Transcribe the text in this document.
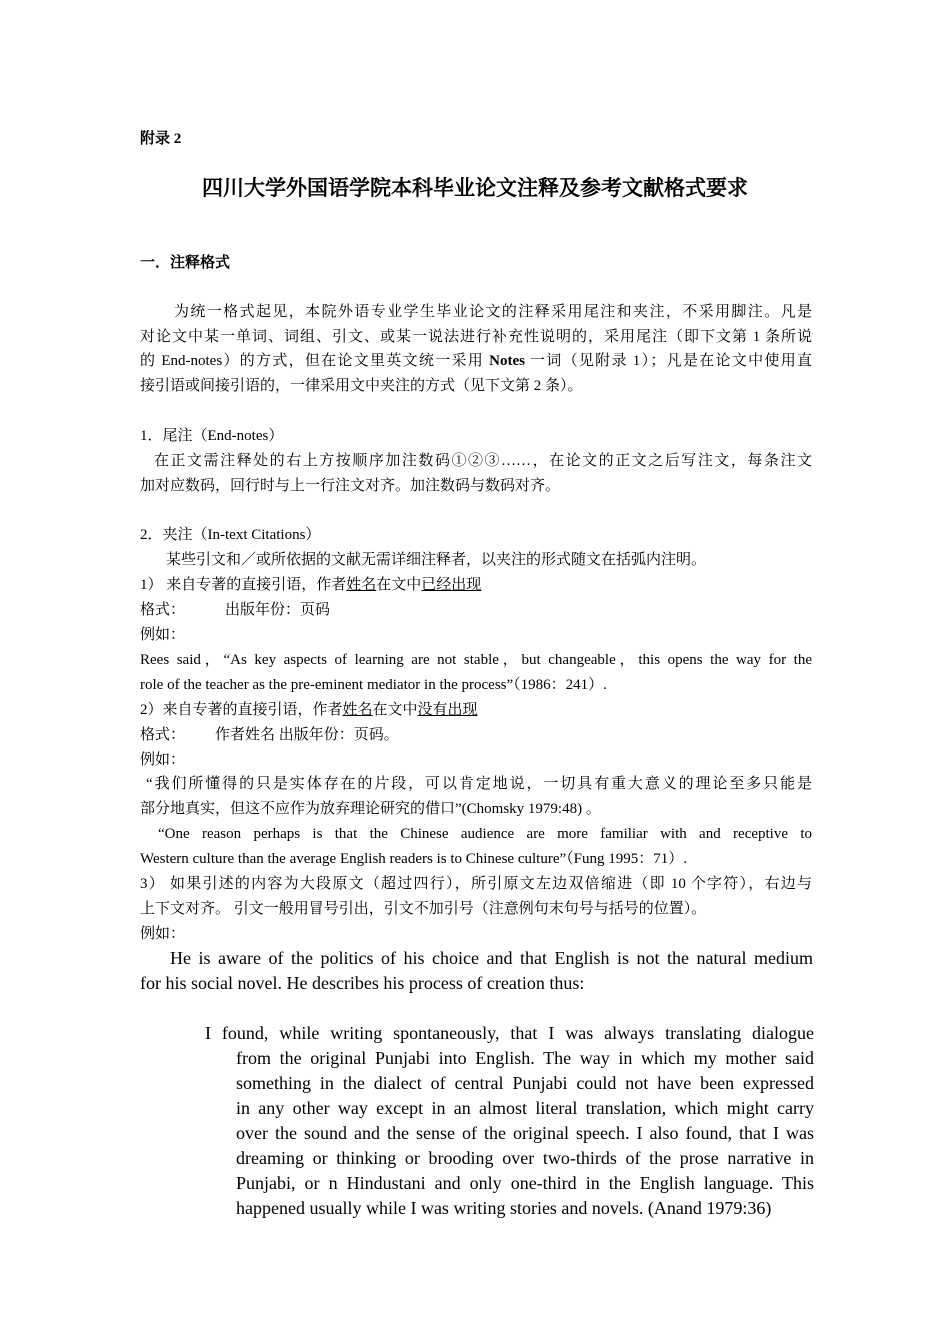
附录 2
四川大学外国语学院本科毕业论文注释及参考文献格式要求
一．注释格式
为统一格式起见，本院外语专业学生毕业论文的注释采用尾注和夹注，不采用脚注。凡是
对论文中某一单词、词组、引文、或某一说法进行补充性说明的，采用尾注（即下文第 1 条所说
的 End-notes）的方式，但在论文里英文统一采用 Notes 一词（见附录 1）；凡是在论文中使用直
接引语或间接引语的，一律采用文中夹注的方式（见下文第 2 条）。
1．尾注（End-notes）
在正文需注释处的右上方按顺序加注数码①②③……，在论文的正文之后写注文，每条注文
加对应数码，回行时与上一行注文对齐。加注数码与数码对齐。
2．夹注（In-text Citations）
某些引文和／或所依据的文献无需详细注释者，以夹注的形式随文在括弧内注明。
1） 来自专著的直接引语，作者姓名在文中已经出现
格式：	出版年份：页码
例如：
Rees said，“As key aspects of learning are not stable，but changeable，this opens the way for the
role of the teacher as the pre-eminent mediator in the process”（1986：241）.
2）来自专著的直接引语，作者姓名在文中没有出现
格式： 作者姓名 出版年份：页码。
例如：
“我们所懂得的只是实体存在的片段，可以肯定地说，一切具有重大意义的理论至多只能是
部分地真实，但这不应作为放弃理论研究的借口”(Chomsky 1979:48) 。
“One reason perhaps is that the Chinese audience are more familiar with and receptive to
Western culture than the average English readers is to Chinese culture”（Fung 1995：71）.
3） 如果引述的内容为大段原文（超过四行），所引原文左边双倍缩进（即 10 个字符），右边与
上下文对齐。 引文一般用冒号引出，引文不加引号（注意例句末句号与括号的位置）。
例如：
He is aware of the politics of his choice and that English is not the natural medium
for his social novel. He describes his process of creation thus:
I found, while writing spontaneously, that I was always translating dialogue
from the original Punjabi into English. The way in which my mother said
something in the dialect of central Punjabi could not have been expressed
in any other way except in an almost literal translation, which might carry
over the sound and the sense of the original speech. I also found, that I was
dreaming or thinking or brooding over two-thirds of the prose narrative in
Punjabi, or n Hindustani and only one-third in the English language. This
happened usually while I was writing stories and novels. (Anand 1979:36)
